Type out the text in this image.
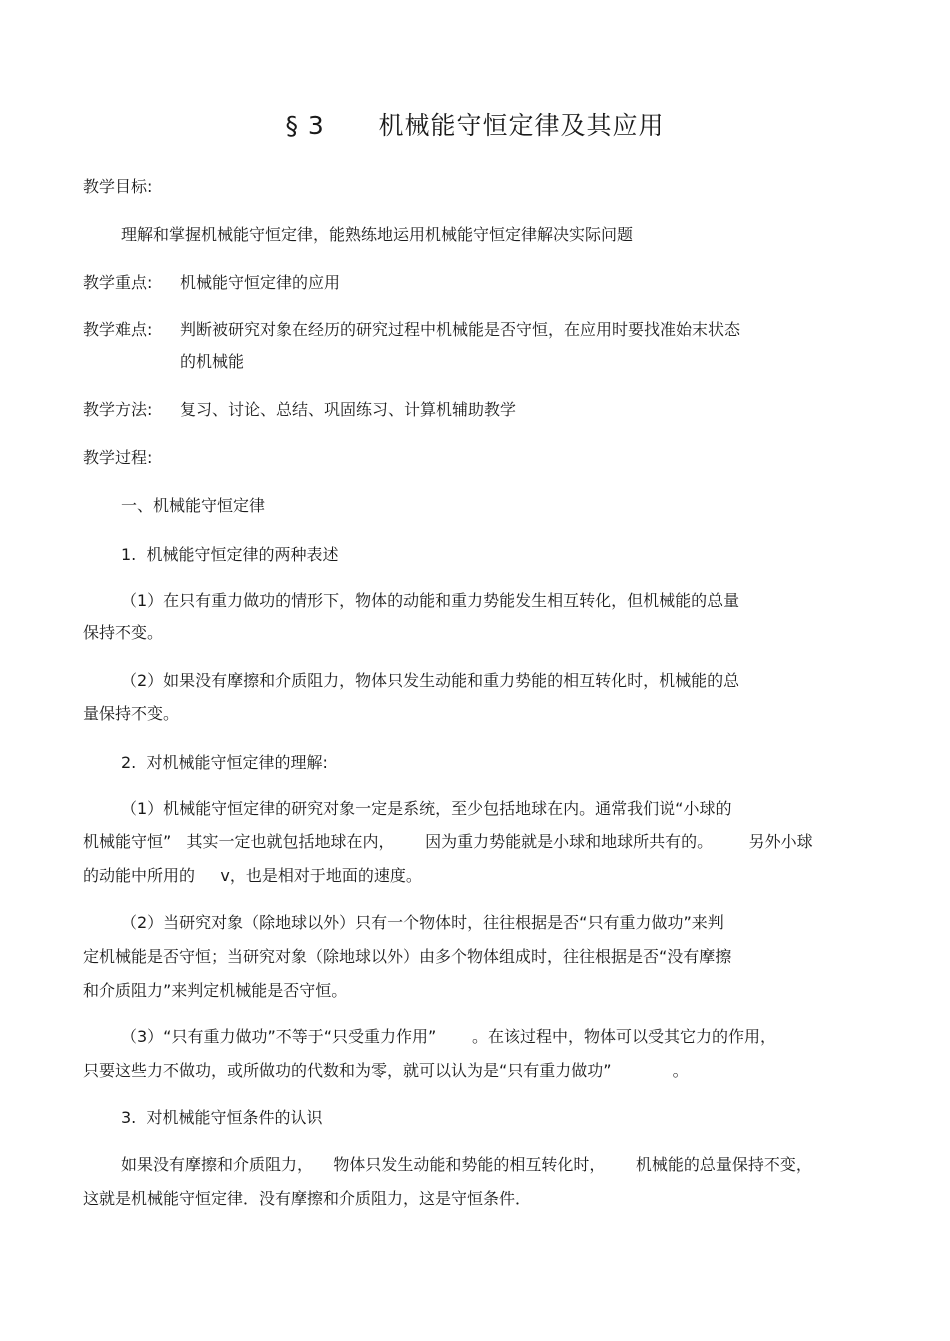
§ 3      机械能守恒定律及其应用
教学目标:
理解和掌握机械能守恒定律，能熟练地运用机械能守恒定律解决实际问题
教学重点: 机械能守恒定律的应用
教学难点: 判断被研究对象在经历的研究过程中机械能是否守恒，在应用时要找准始末状态
的机械能
教学方法: 复习、讨论、总结、巩固练习、计算机辅助教学
教学过程:
一、机械能守恒定律
1.  机械能守恒定律的两种表述
（1）在只有重力做功的情形下，物体的动能和重力势能发生相互转化，但机械能的总量
保持不变。
（2）如果没有摩擦和介质阻力，物体只发生动能和重力势能的相互转化时，机械能的总
量保持不变。
2.  对机械能守恒定律的理解:
（1）机械能守恒定律的研究对象一定是系统，至少包括地球在内。通常我们说“小球的
机械能守恒”   其实一定也就包括地球在内，      因为重力势能就是小球和地球所共有的。       另外小球
的动能中所用的     v，也是相对于地面的速度。
（2）当研究对象（除地球以外）只有一个物体时，往往根据是否“只有重力做功”来判
定机械能是否守恒；当研究对象（除地球以外）由多个物体组成时，往往根据是否“没有摩擦
和介质阻力”来判定机械能是否守恒。
（3）“只有重力做功”不等于“只受重力作用”       。在该过程中，物体可以受其它力的作用，
只要这些力不做功，或所做功的代数和为零，就可以认为是“只有重力做功”            。
3.  对机械能守恒条件的认识
如果没有摩擦和介质阻力，    物体只发生动能和势能的相互转化时，      机械能的总量保持不变，
这就是机械能守恒定律．没有摩擦和介质阻力，这是守恒条件．
